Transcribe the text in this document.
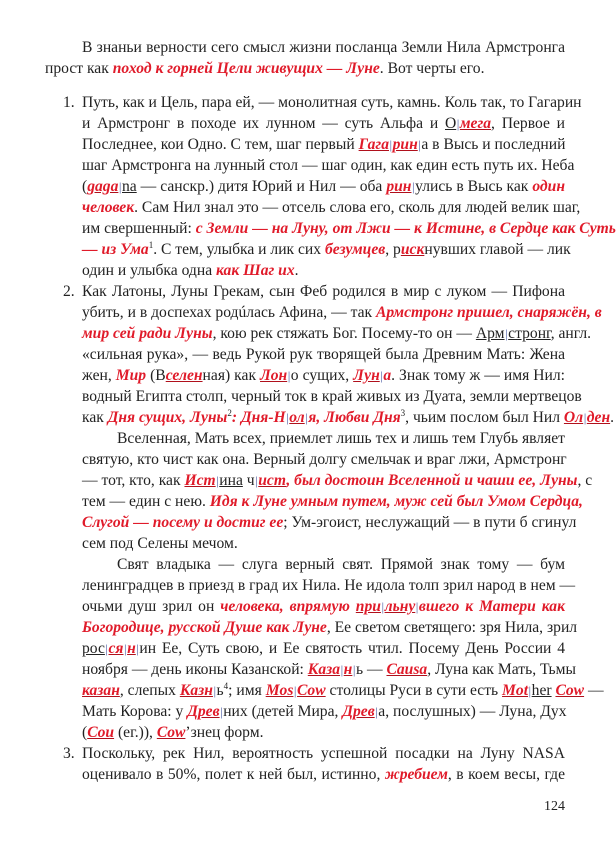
В знаньи верности сего смысл жизни посланца Земли Нила Армстронга
прост как поход к горней Цели живущих — Луне. Вот черты его.
1. Путь, как и Цель, пара ей, — монолитная суть, камнь. Коль так, то Гагарин
и Армстронг в походе их лунном — суть Альфа и О|мега, Первое и
Последнее, кои Одно. С тем, шаг первый Гага|рин|а в Высь и последний
шаг Армстронга на лунный стол — шаг один, как един есть путь их. Неба
(gaga|na — санскр.) дитя Юрий и Нил — оба рин|улись в Высь как один
человек. Сам Нил знал это — отсель слова его, сколь для людей велик шаг,
им свершенный: с Земли — на Луну, от Лжи — к Истине, в Сердце как Суть
— из Ума$^1$. С тем, улыбка и лик сих безумцев, рискнувших главой — лик
один и улыбка одна как Шаг их.
2. Как Латоны, Луны Грекам, сын Феб родился в мир с луком — Пифона
убить, и в доспехах родúлась Афина, — так Армстронг пришел, снаряжён, в
мир сей ради Луны, кою рек стяжать Бог. Посему-то он — Арм|стронг, англ.
«сильная рука», — ведь Рукой рук творящей была Древним Мать: Жена
жен, Мир (Вселенная) как Лон|о сущих, Лун|а. Знак тому ж — имя Нил:
водный Египта столп, черный ток в край живых из Дуата, земли мертвецов
как Дня сущих, Луны$^2$: Дня-Н|ол|я, Любви Дня$^3$, чьим послом был Нил Ол|ден.
Вселенная, Мать всех, приемлет лишь тех и лишь тем Глубь являет
святую, кто чист как она. Верный долгу смельчак и враг лжи, Армстронг
— тот, кто, как Ист|ина ч|ист, был достоин Вселенной и чаши ее, Луны, с
тем — един с нею. Идя к Луне умным путем, муж сей был Умом Сердца,
Слугой — посему и достиг ее; Ум-эгоист, неслужащий — в пути б сгинул
сем под Селены мечом.
Свят владыка — слуга верный свят. Прямой знак тому — бум
ленинградцев в приезд в град их Нила. Не идола толп зрил народ в нем —
очьми душ зрил он человека, впрямую при|льну|вшего к Матери как
Богородице, русской Душе как Луне, Ее светом светящего: зря Нила, зрил
рос|ся|н|ин Ее, Суть свою, и Ее святость чтил. Посему День России 4
ноября — день иконы Казанской: Каза|н|ь — Causa, Луна как Мать, Тьмы
казан, слепых $Казн|ь^4$; имя Mos|Cow столицы Руси в сути есть Mot|her Cow —
Мать Корова: у Древ|них (детей Мира, Древ|а, послушных) — Луна, Дух
(Cou (ег.)), Cow’знец форм.
3. Поскольку, рек Нил, вероятность успешной посадки на Луну NASA
оценивало в 50%, полет к ней был, истинно, жребием, в коем весы, где
124
